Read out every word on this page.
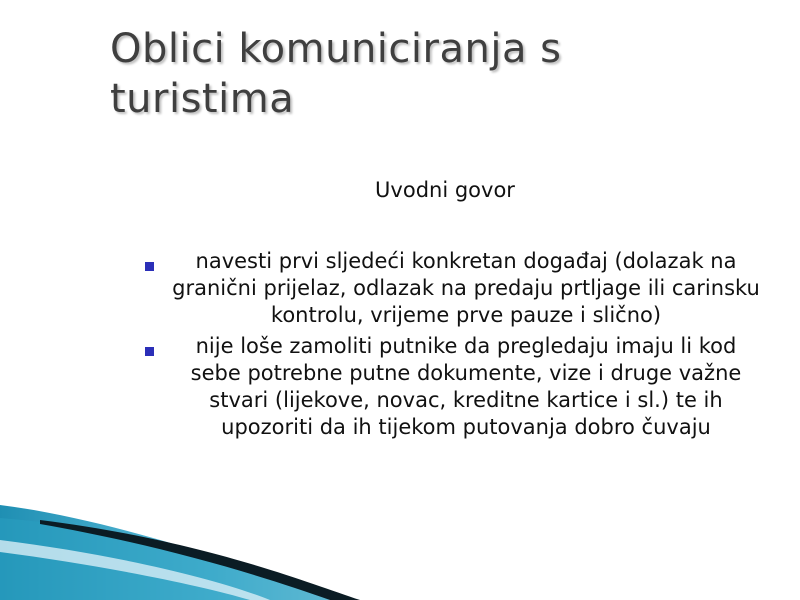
Oblici komuniciranja s turistima
Uvodni govor
navesti prvi sljedeći konkretan događaj (dolazak na granični prijelaz, odlazak na predaju prtljage ili carinsku kontrolu, vrijeme prve pauze i slično)
nije loše zamoliti putnike da pregledaju imaju li kod sebe potrebne putne dokumente, vize i druge važne stvari (lijekove, novac, kreditne kartice i sl.) te ih upozoriti da ih tijekom putovanja dobro čuvaju
